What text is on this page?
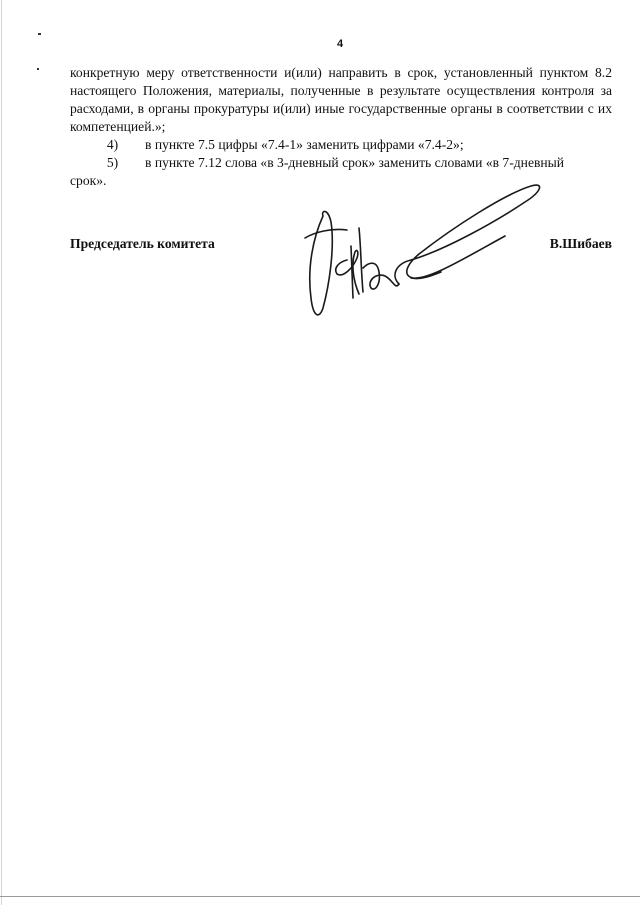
4

конкретную меру ответственности и(или) направить в срок, установленный пунктом 8.2 настоящего Положения, материалы, полученные в результате осуществления контроля за расходами, в органы прокуратуры и(или) иные государственные органы в соответствии с их компетенцией.»;

4)	в пункте 7.5 цифры «7.4-1» заменить цифрами «7.4-2»;
5)	в пункте 7.12 слова «в 3-дневный срок» заменить словами «в 7-дневный

срок».

Председатель комитета	В.Шибаев
